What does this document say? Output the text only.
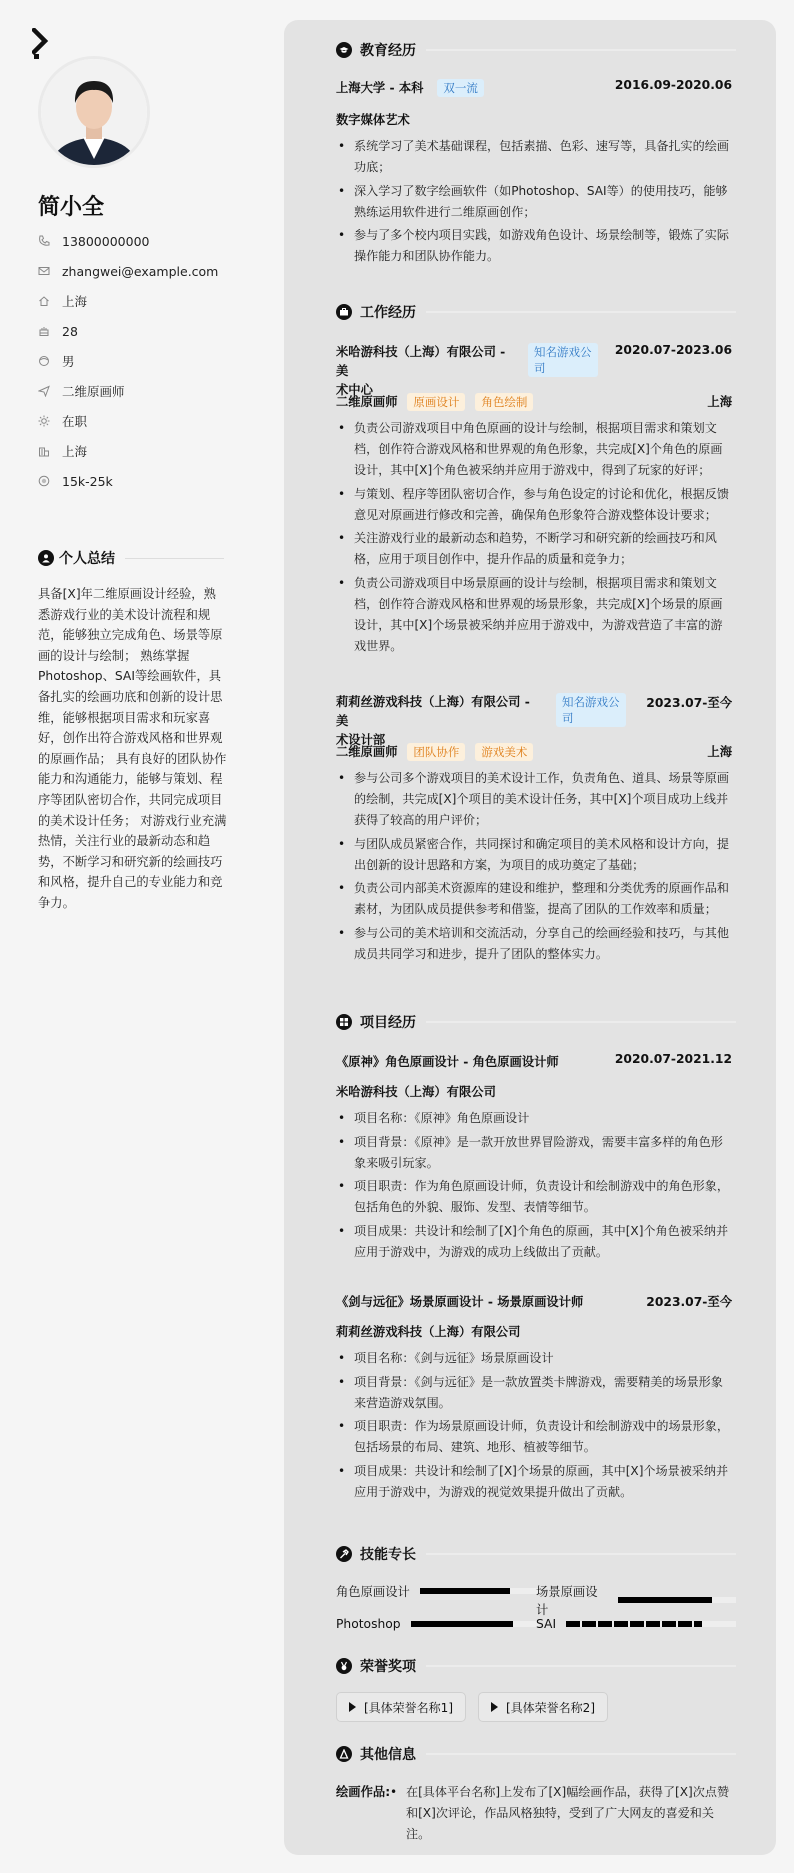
简小全
13800000000
zhangwei@example.com
上海
28
男
二维原画师
在职
上海
15k-25k
个人总结

具备[X]年二维原画设计经验，熟悉游戏行业的美术设计流程和规范，能够独立完成角色、场景等原画的设计与绘制； 熟练掌握Photoshop、SAI等绘画软件，具备扎实的绘画功底和创新的设计思维，能够根据项目需求和玩家喜好，创作出符合游戏风格和世界观的原画作品； 具有良好的团队协作能力和沟通能力，能够与策划、程序等团队密切合作，共同完成项目的美术设计任务； 对游戏行业充满热情，关注行业的最新动态和趋势，不断学习和研究新的绘画技巧和风格，提升自己的专业能力和竞争力。

教育经历
上海大学 - 本科 双一流	2016.09-2020.06
数字媒体艺术
• 系统学习了美术基础课程，包括素描、色彩、速写等，具备扎实的绘画功底；
• 深入学习了数字绘画软件（如Photoshop、SAI等）的使用技巧，能够熟练运用软件进行二维原画创作；
• 参与了多个校内项目实践，如游戏角色设计、场景绘制等，锻炼了实际操作能力和团队协作能力。
工作经历
米哈游科技（上海）有限公司 - 美
术中心
知名游戏公
司
2020.07-2023.06
二维原画师 原画设计 角色绘制	上海
• 负责公司游戏项目中角色原画的设计与绘制，根据项目需求和策划文档，创作符合游戏风格和世界观的角色形象，共完成[X]个角色的原画设计，其中[X]个角色被采纳并应用于游戏中，得到了玩家的好评；
• 与策划、程序等团队密切合作，参与角色设定的讨论和优化，根据反馈意见对原画进行修改和完善，确保角色形象符合游戏整体设计要求；
• 关注游戏行业的最新动态和趋势，不断学习和研究新的绘画技巧和风格，应用于项目创作中，提升作品的质量和竞争力；
• 负责公司游戏项目中场景原画的设计与绘制，根据项目需求和策划文档，创作符合游戏风格和世界观的场景形象，共完成[X]个场景的原画设计，其中[X]个场景被采纳并应用于游戏中，为游戏营造了丰富的游戏世界。
莉莉丝游戏科技（上海）有限公司 - 美
术设计部
知名游戏公
司
2023.07-至今
二维原画师 团队协作 游戏美术	上海
• 参与公司多个游戏项目的美术设计工作，负责角色、道具、场景等原画的绘制，共完成[X]个项目的美术设计任务，其中[X]个项目成功上线并获得了较高的用户评价；
• 与团队成员紧密合作，共同探讨和确定项目的美术风格和设计方向，提出创新的设计思路和方案，为项目的成功奠定了基础；
• 负责公司内部美术资源库的建设和维护，整理和分类优秀的原画作品和素材，为团队成员提供参考和借鉴，提高了团队的工作效率和质量；
• 参与公司的美术培训和交流活动，分享自己的绘画经验和技巧，与其他成员共同学习和进步，提升了团队的整体实力。
项目经历
《原神》角色原画设计 - 角色原画设计师	2020.07-2021.12
米哈游科技（上海）有限公司
• 项目名称：《原神》角色原画设计
• 项目背景：《原神》是一款开放世界冒险游戏，需要丰富多样的角色形象来吸引玩家。
• 项目职责：作为角色原画设计师，负责设计和绘制游戏中的角色形象，包括角色的外貌、服饰、发型、表情等细节。
• 项目成果：共设计和绘制了[X]个角色的原画，其中[X]个角色被采纳并应用于游戏中，为游戏的成功上线做出了贡献。
《剑与远征》场景原画设计 - 场景原画设计师	2023.07-至今
莉莉丝游戏科技（上海）有限公司
• 项目名称：《剑与远征》场景原画设计
• 项目背景：《剑与远征》是一款放置类卡牌游戏，需要精美的场景形象来营造游戏氛围。
• 项目职责：作为场景原画设计师，负责设计和绘制游戏中的场景形象，包括场景的布局、建筑、地形、植被等细节。
• 项目成果：共设计和绘制了[X]个场景的原画，其中[X]个场景被采纳并应用于游戏中，为游戏的视觉效果提升做出了贡献。
技能专长
角色原画设计	场景原画设计
Photoshop	SAI
荣誉奖项
[具体荣誉名称1]	[具体荣誉名称2]
其他信息
绘画作品:
•	在[具体平台名称]上发布了[X]幅绘画作品，获得了[X]次点赞和[X]次评论，作品风格独特，受到了广大网友的喜爱和关注。
